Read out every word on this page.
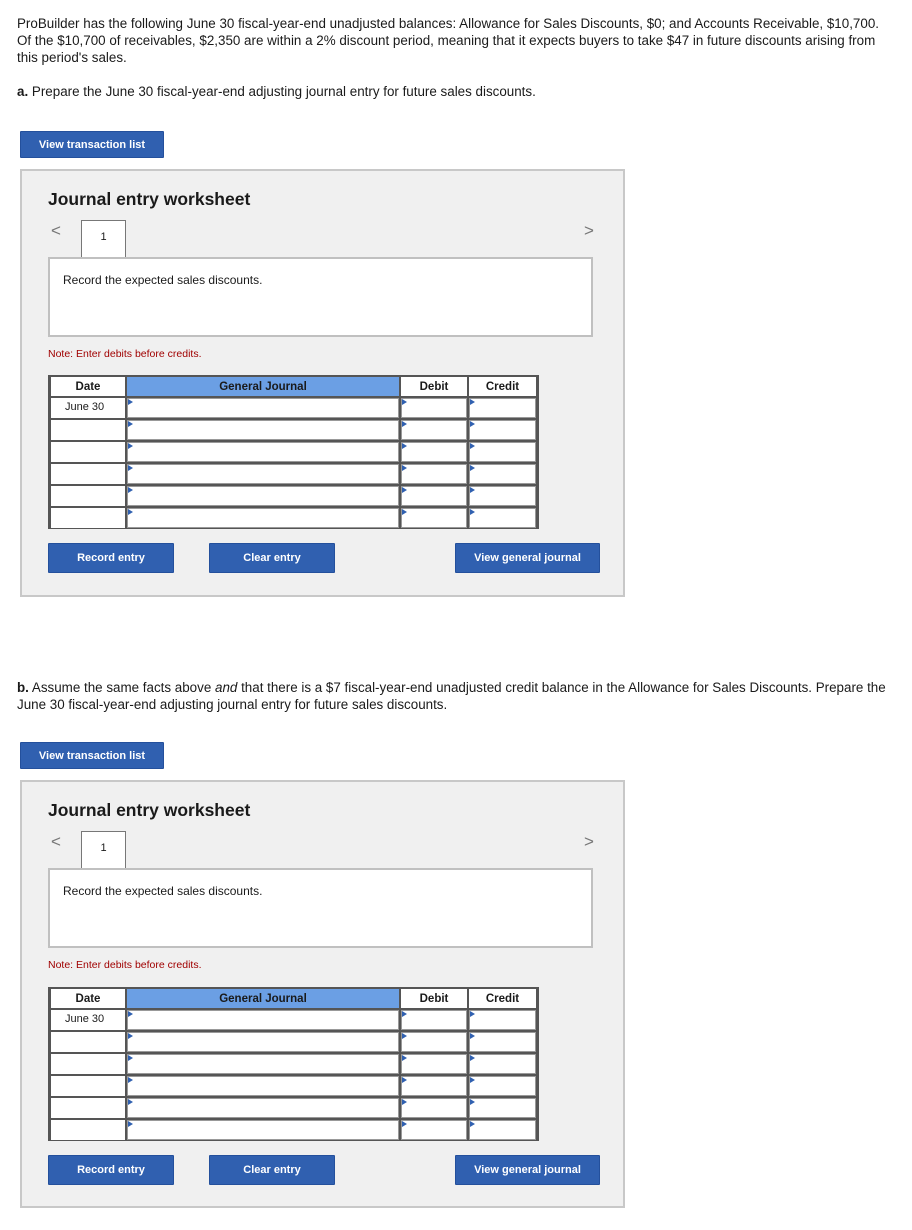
ProBuilder has the following June 30 fiscal-year-end unadjusted balances: Allowance for Sales Discounts, $0; and Accounts Receivable, $10,700. Of the $10,700 of receivables, $2,350 are within a 2% discount period, meaning that it expects buyers to take $47 in future discounts arising from this period's sales.
a. Prepare the June 30 fiscal-year-end adjusting journal entry for future sales discounts.
View transaction list
Journal entry worksheet
<	1	>
Record the expected sales discounts.
Note: Enter debits before credits.
Date	General Journal	Debit	Credit
June 30
Record entry	Clear entry	View general journal
b. Assume the same facts above and that there is a $7 fiscal-year-end unadjusted credit balance in the Allowance for Sales Discounts. Prepare the June 30 fiscal-year-end adjusting journal entry for future sales discounts.
View transaction list
Journal entry worksheet
<	1	>
Record the expected sales discounts.
Note: Enter debits before credits.
Date	General Journal	Debit	Credit
June 30
Record entry	Clear entry	View general journal
